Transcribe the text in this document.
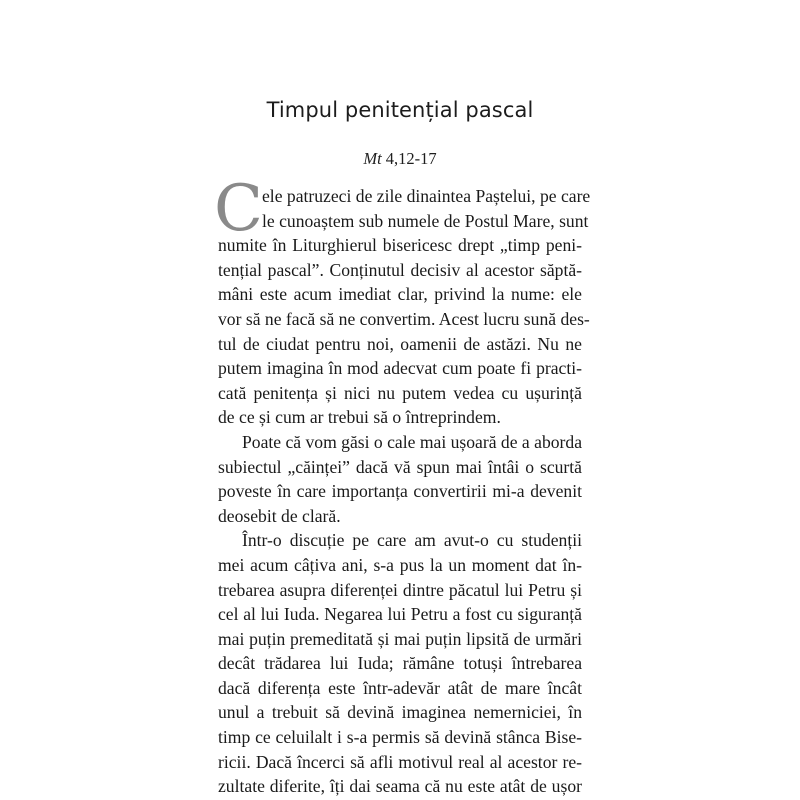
Timpul penitențial pascal
Mt 4,12-17
C ele patruzeci de zile dinaintea Paștelui, pe care
le cunoaștem sub numele de Postul Mare, sunt
numite în Liturghierul bisericesc drept „timp peni-
tențial pascal”. Conținutul decisiv al acestor săptă-
mâni este acum imediat clar, privind la nume: ele
vor să ne facă să ne convertim. Acest lucru sună des-
tul de ciudat pentru noi, oamenii de astăzi. Nu ne
putem imagina în mod adecvat cum poate fi practi-
cată penitența și nici nu putem vedea cu ușurință
de ce și cum ar trebui să o întreprindem.
Poate că vom găsi o cale mai ușoară de a aborda
subiectul „căinței” dacă vă spun mai întâi o scurtă
poveste în care importanța convertirii mi-a devenit
deosebit de clară.
Într-o discuție pe care am avut-o cu studenții
mei acum câțiva ani, s-a pus la un moment dat în-
trebarea asupra diferenței dintre păcatul lui Petru și
cel al lui Iuda. Negarea lui Petru a fost cu siguranță
mai puțin premeditată și mai puțin lipsită de urmări
decât trădarea lui Iuda; rămâne totuși întrebarea
dacă diferența este într-adevăr atât de mare încât
unul a trebuit să devină imaginea nemerniciei, în
timp ce celuilalt i s-a permis să devină stânca Bise-
ricii. Dacă încerci să afli motivul real al acestor re-
zultate diferite, îți dai seama că nu este atât de ușor
